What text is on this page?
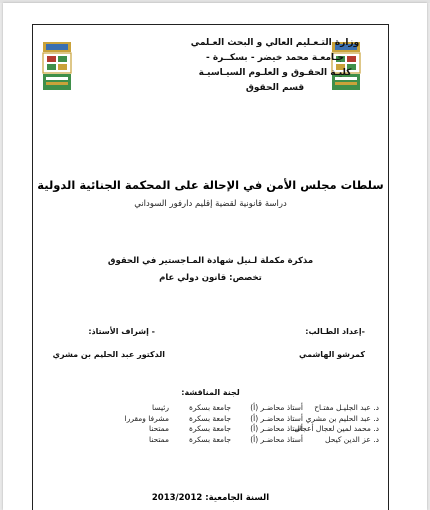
وزارة التـعـليم العالي و البحث العـلمي
جـامعـة محمد خيضر - بسكــرة -
كليـة الحقـوق و العلـوم السيـاسيـة
قسم الحقوق
سلطات مجلس الأمن في الإحالة على المحكمة الجنائية الدولية
دراسة قانونية لقضية إقليم دارفور السوداني
مذكرة مكملة لـنيل شهادة المـاجستير في الحقوق
تخصص: قانون دولي عام
-إعداد الطـالب:
كمرشو الهاشمي
- إشراف الأستاذ:
الدكتور عبد الحليم بن مشري
لجنة المناقشة:
د. عبد الجليـل مفتـاح
أستاذ محاضـر (أ)
جامعة بسكرة
رئيسا
د. عبد الحليم بن مشري
أستاذ محاضـر (أ)
جامعة بسكرة
مشرفا ومقررا
د. محمد لمين لعجال أعجال
أستاذ محاضـر (أ)
جامعة بسكرة
ممتحنا
د. عز الدين كيحل
أستاذ محاضـر (أ)
جامعة بسكرة
ممتحنا
السنة الجامعية: 2013/2012
